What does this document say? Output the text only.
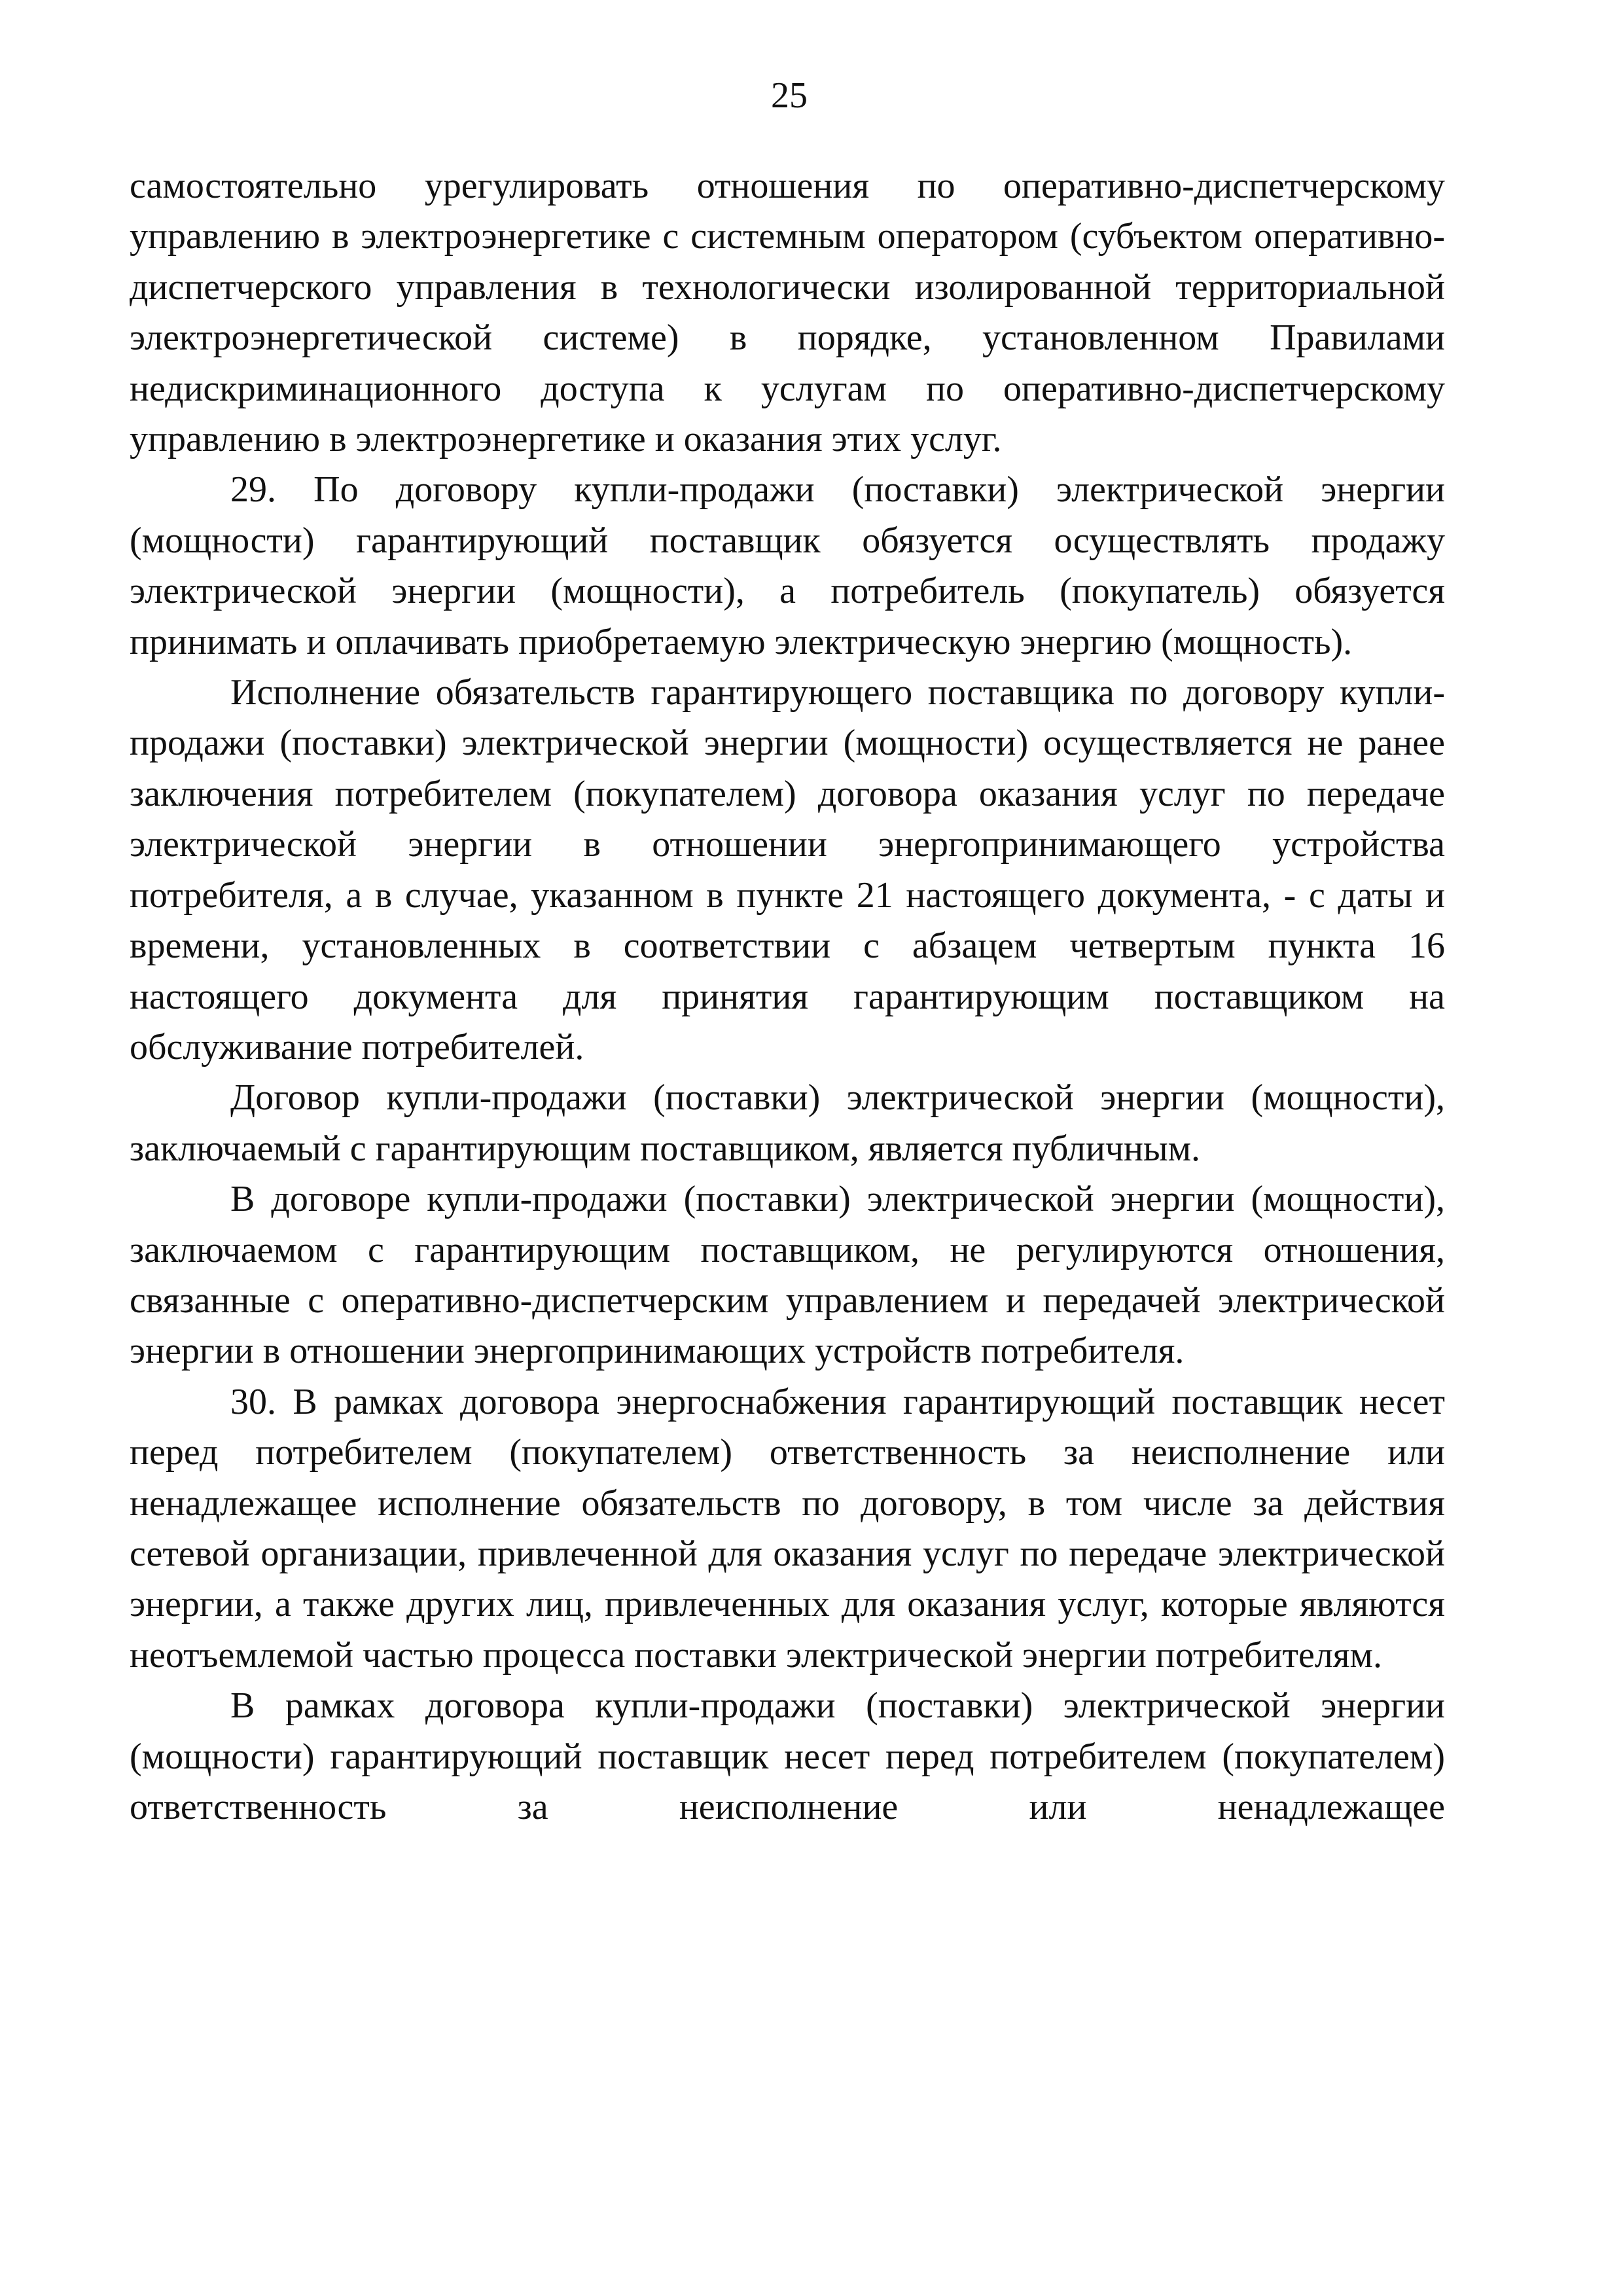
25

самостоятельно урегулировать отношения по оперативно-диспетчерскому управлению в электроэнергетике с системным оператором (субъектом оперативно-диспетчерского управления в технологически изолированной территориальной электроэнергетической системе) в порядке, установленном Правилами недискриминационного доступа к услугам по оперативно-диспетчерскому управлению в электроэнергетике и оказания этих услуг.

29. По договору купли-продажи (поставки) электрической энергии (мощности) гарантирующий поставщик обязуется осуществлять продажу электрической энергии (мощности), а потребитель (покупатель) обязуется принимать и оплачивать приобретаемую электрическую энергию (мощность).

Исполнение обязательств гарантирующего поставщика по договору купли-продажи (поставки) электрической энергии (мощности) осуществляется не ранее заключения потребителем (покупателем) договора оказания услуг по передаче электрической энергии в отношении энергопринимающего устройства потребителя, а в случае, указанном в пункте 21 настоящего документа, - с даты и времени, установленных в соответствии с абзацем четвертым пункта 16 настоящего документа для принятия гарантирующим поставщиком на обслуживание потребителей.

Договор купли-продажи (поставки) электрической энергии (мощности), заключаемый с гарантирующим поставщиком, является публичным.

В договоре купли-продажи (поставки) электрической энергии (мощности), заключаемом с гарантирующим поставщиком, не регулируются отношения, связанные с оперативно-диспетчерским управлением и передачей электрической энергии в отношении энергопринимающих устройств потребителя.

30. В рамках договора энергоснабжения гарантирующий поставщик несет перед потребителем (покупателем) ответственность за неисполнение или ненадлежащее исполнение обязательств по договору, в том числе за действия сетевой организации, привлеченной для оказания услуг по передаче электрической энергии, а также других лиц, привлеченных для оказания услуг, которые являются неотъемлемой частью процесса поставки электрической энергии потребителям.

В рамках договора купли-продажи (поставки) электрической энергии (мощности) гарантирующий поставщик несет перед потребителем (покупателем) ответственность за неисполнение или ненадлежащее
